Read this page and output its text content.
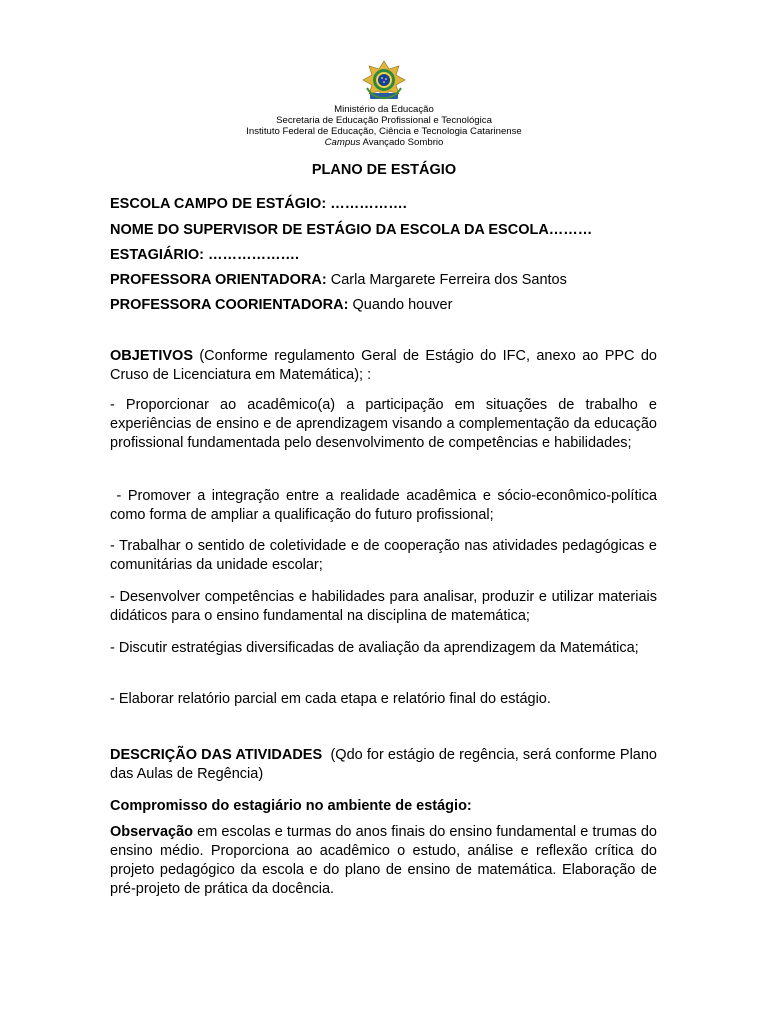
Ministério da Educação
Secretaria de Educação Profissional e Tecnológica
Instituto Federal de Educação, Ciência e Tecnologia Catarinense
Campus Avançado Sombrio
PLANO DE ESTÁGIO
ESCOLA CAMPO DE ESTÁGIO: …………….
NOME DO SUPERVISOR DE ESTÁGIO DA ESCOLA DA ESCOLA………
ESTAGIÁRIO: ……………….
PROFESSORA ORIENTADORA: Carla Margarete Ferreira dos Santos
PROFESSORA COORIENTADORA: Quando houver
OBJETIVOS (Conforme regulamento Geral de Estágio do IFC, anexo ao PPC do Cruso de Licenciatura em Matemática); :
- Proporcionar ao acadêmico(a) a participação em situações de trabalho e experiências de ensino e de aprendizagem visando a complementação da educação profissional fundamentada pelo desenvolvimento de competências e habilidades;
- Promover a integração entre a realidade acadêmica e sócio-econômico-política como forma de ampliar a qualificação do futuro profissional;
- Trabalhar o sentido de coletividade e de cooperação nas atividades pedagógicas e comunitárias da unidade escolar;
- Desenvolver competências e habilidades para analisar, produzir e utilizar materiais didáticos para o ensino fundamental na disciplina de matemática;
- Discutir estratégias diversificadas de avaliação da aprendizagem da Matemática;
- Elaborar relatório parcial em cada etapa e relatório final do estágio.
DESCRIÇÃO DAS ATIVIDADES  (Qdo for estágio de regência, será conforme Plano das Aulas de Regência)
Compromisso do estagiário no ambiente de estágio:
Observação em escolas e turmas do anos finais do ensino fundamental e trumas do ensino médio. Proporciona ao acadêmico o estudo, análise e reflexão crítica do projeto pedagógico da escola e do plano de ensino de matemática. Elaboração de pré-projeto de prática da docência.
